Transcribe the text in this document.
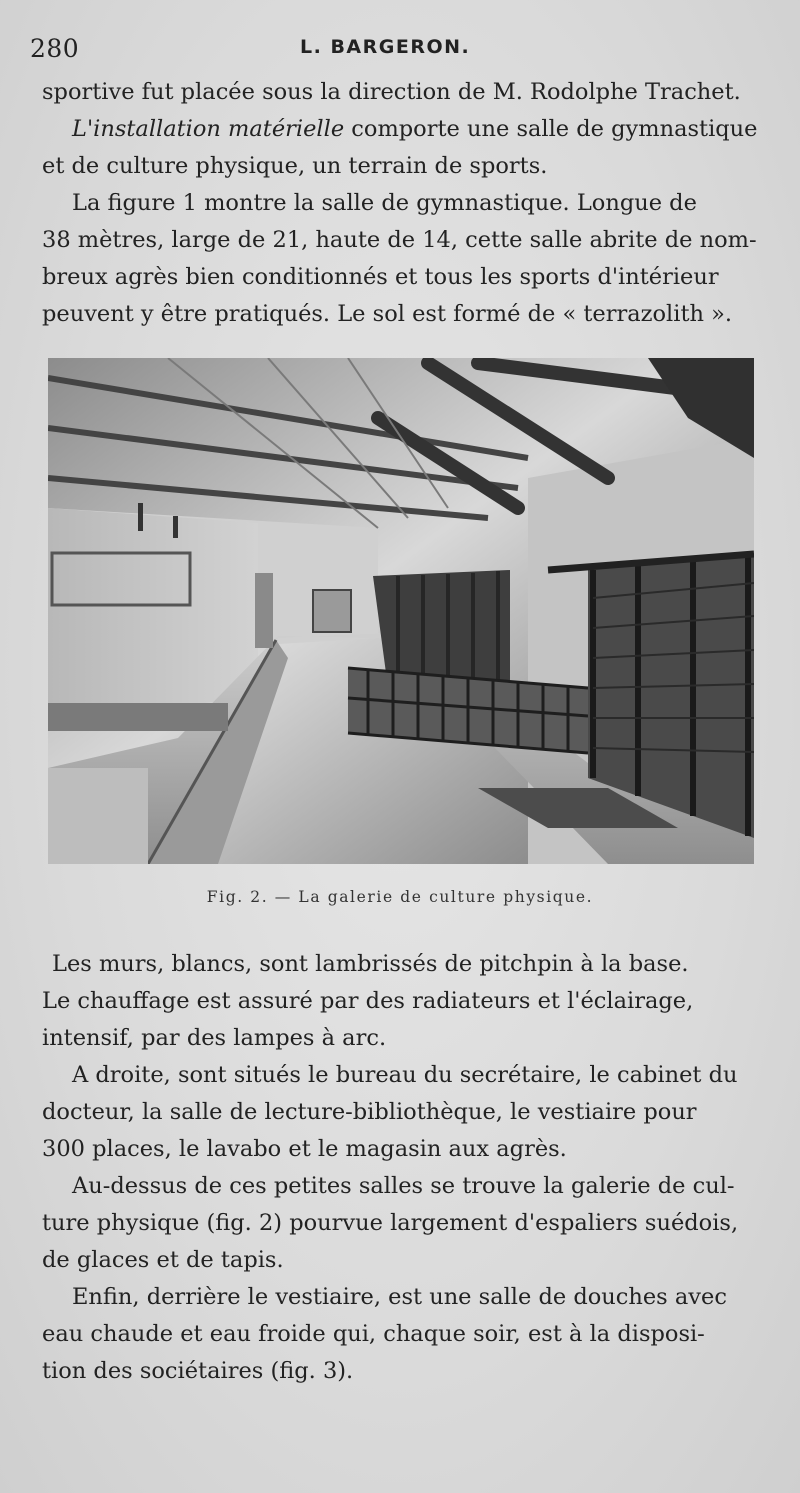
280	L. BARGERON.
sportive fut placée sous la direction de M. Rodolphe Trachet.
L'installation matérielle comporte une salle de gymnastique
et de culture physique, un terrain de sports.
La figure 1 montre la salle de gymnastique. Longue de
38 mètres, large de 21, haute de 14, cette salle abrite de nom-
breux agrès bien conditionnés et tous les sports d'intérieur
peuvent y être pratiqués. Le sol est formé de « terrazolith ».
Fig. 2. — La galerie de culture physique.
Les murs, blancs, sont lambrissés de pitchpin à la base.
Le chauffage est assuré par des radiateurs et l'éclairage,
intensif, par des lampes à arc.
A droite, sont situés le bureau du secrétaire, le cabinet du
docteur, la salle de lecture-bibliothèque, le vestiaire pour
300 places, le lavabo et le magasin aux agrès.
Au-dessus de ces petites salles se trouve la galerie de cul-
ture physique (fig. 2) pourvue largement d'espaliers suédois,
de glaces et de tapis.
Enfin, derrière le vestiaire, est une salle de douches avec
eau chaude et eau froide qui, chaque soir, est à la disposi-
tion des sociétaires (fig. 3).
